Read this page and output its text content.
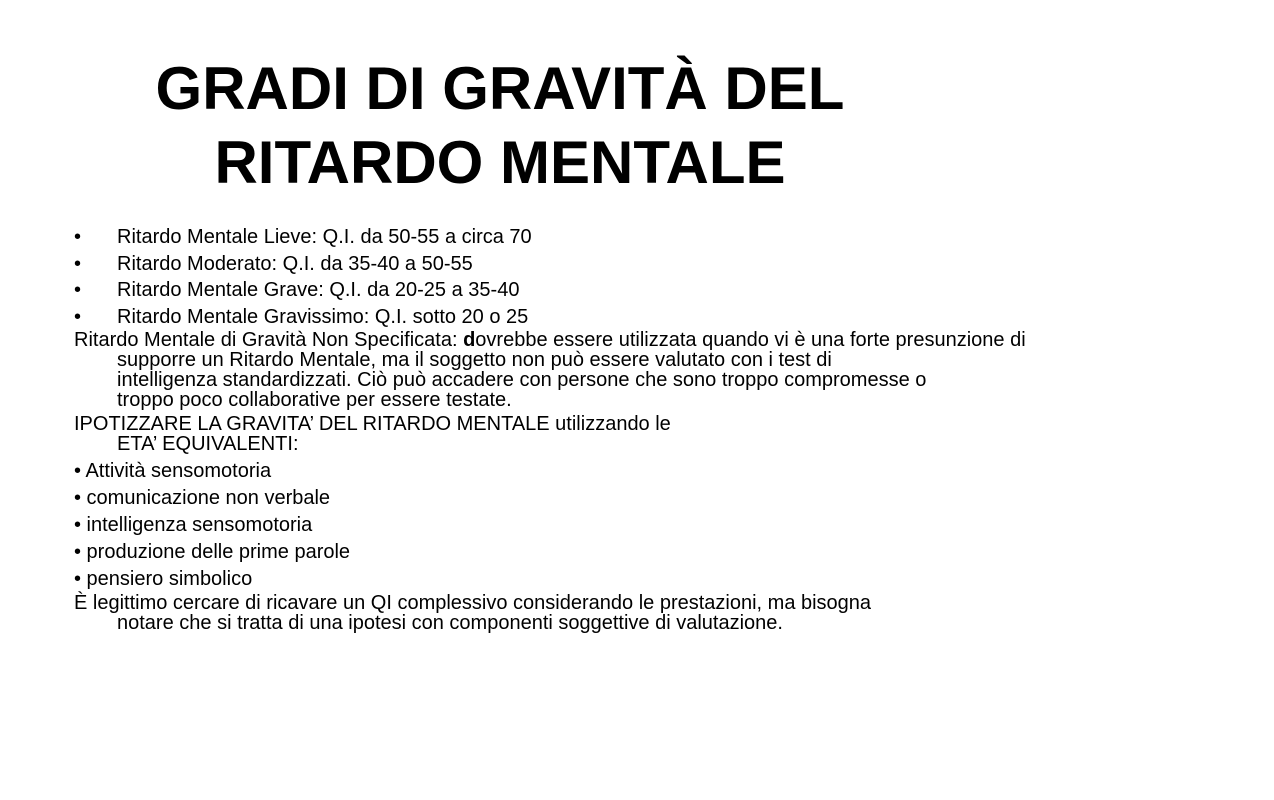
GRADI DI GRAVITÀ DEL
RITARDO MENTALE
• Ritardo Mentale Lieve: Q.I. da 50-55 a circa 70
• Ritardo Moderato: Q.I. da 35-40 a 50-55
• Ritardo Mentale Grave: Q.I. da 20-25 a 35-40
• Ritardo Mentale Gravissimo: Q.I. sotto 20 o 25

Ritardo Mentale di Gravità Non Specificata: dovrebbe essere utilizzata quando vi è una forte presunzione di
supporre un Ritardo Mentale, ma il soggetto non può essere valutato con i test di
intelligenza standardizzati. Ciò può accadere con persone che sono troppo compromesse o
troppo poco collaborative per essere testate.

IPOTIZZARE LA GRAVITA’ DEL RITARDO MENTALE utilizzando le
ETA’ EQUIVALENTI:

• Attività sensomotoria
• comunicazione non verbale
• intelligenza sensomotoria
• produzione delle prime parole
• pensiero simbolico

È legittimo cercare di ricavare un QI complessivo considerando le prestazioni, ma bisogna
notare che si tratta di una ipotesi con componenti soggettive di valutazione.
